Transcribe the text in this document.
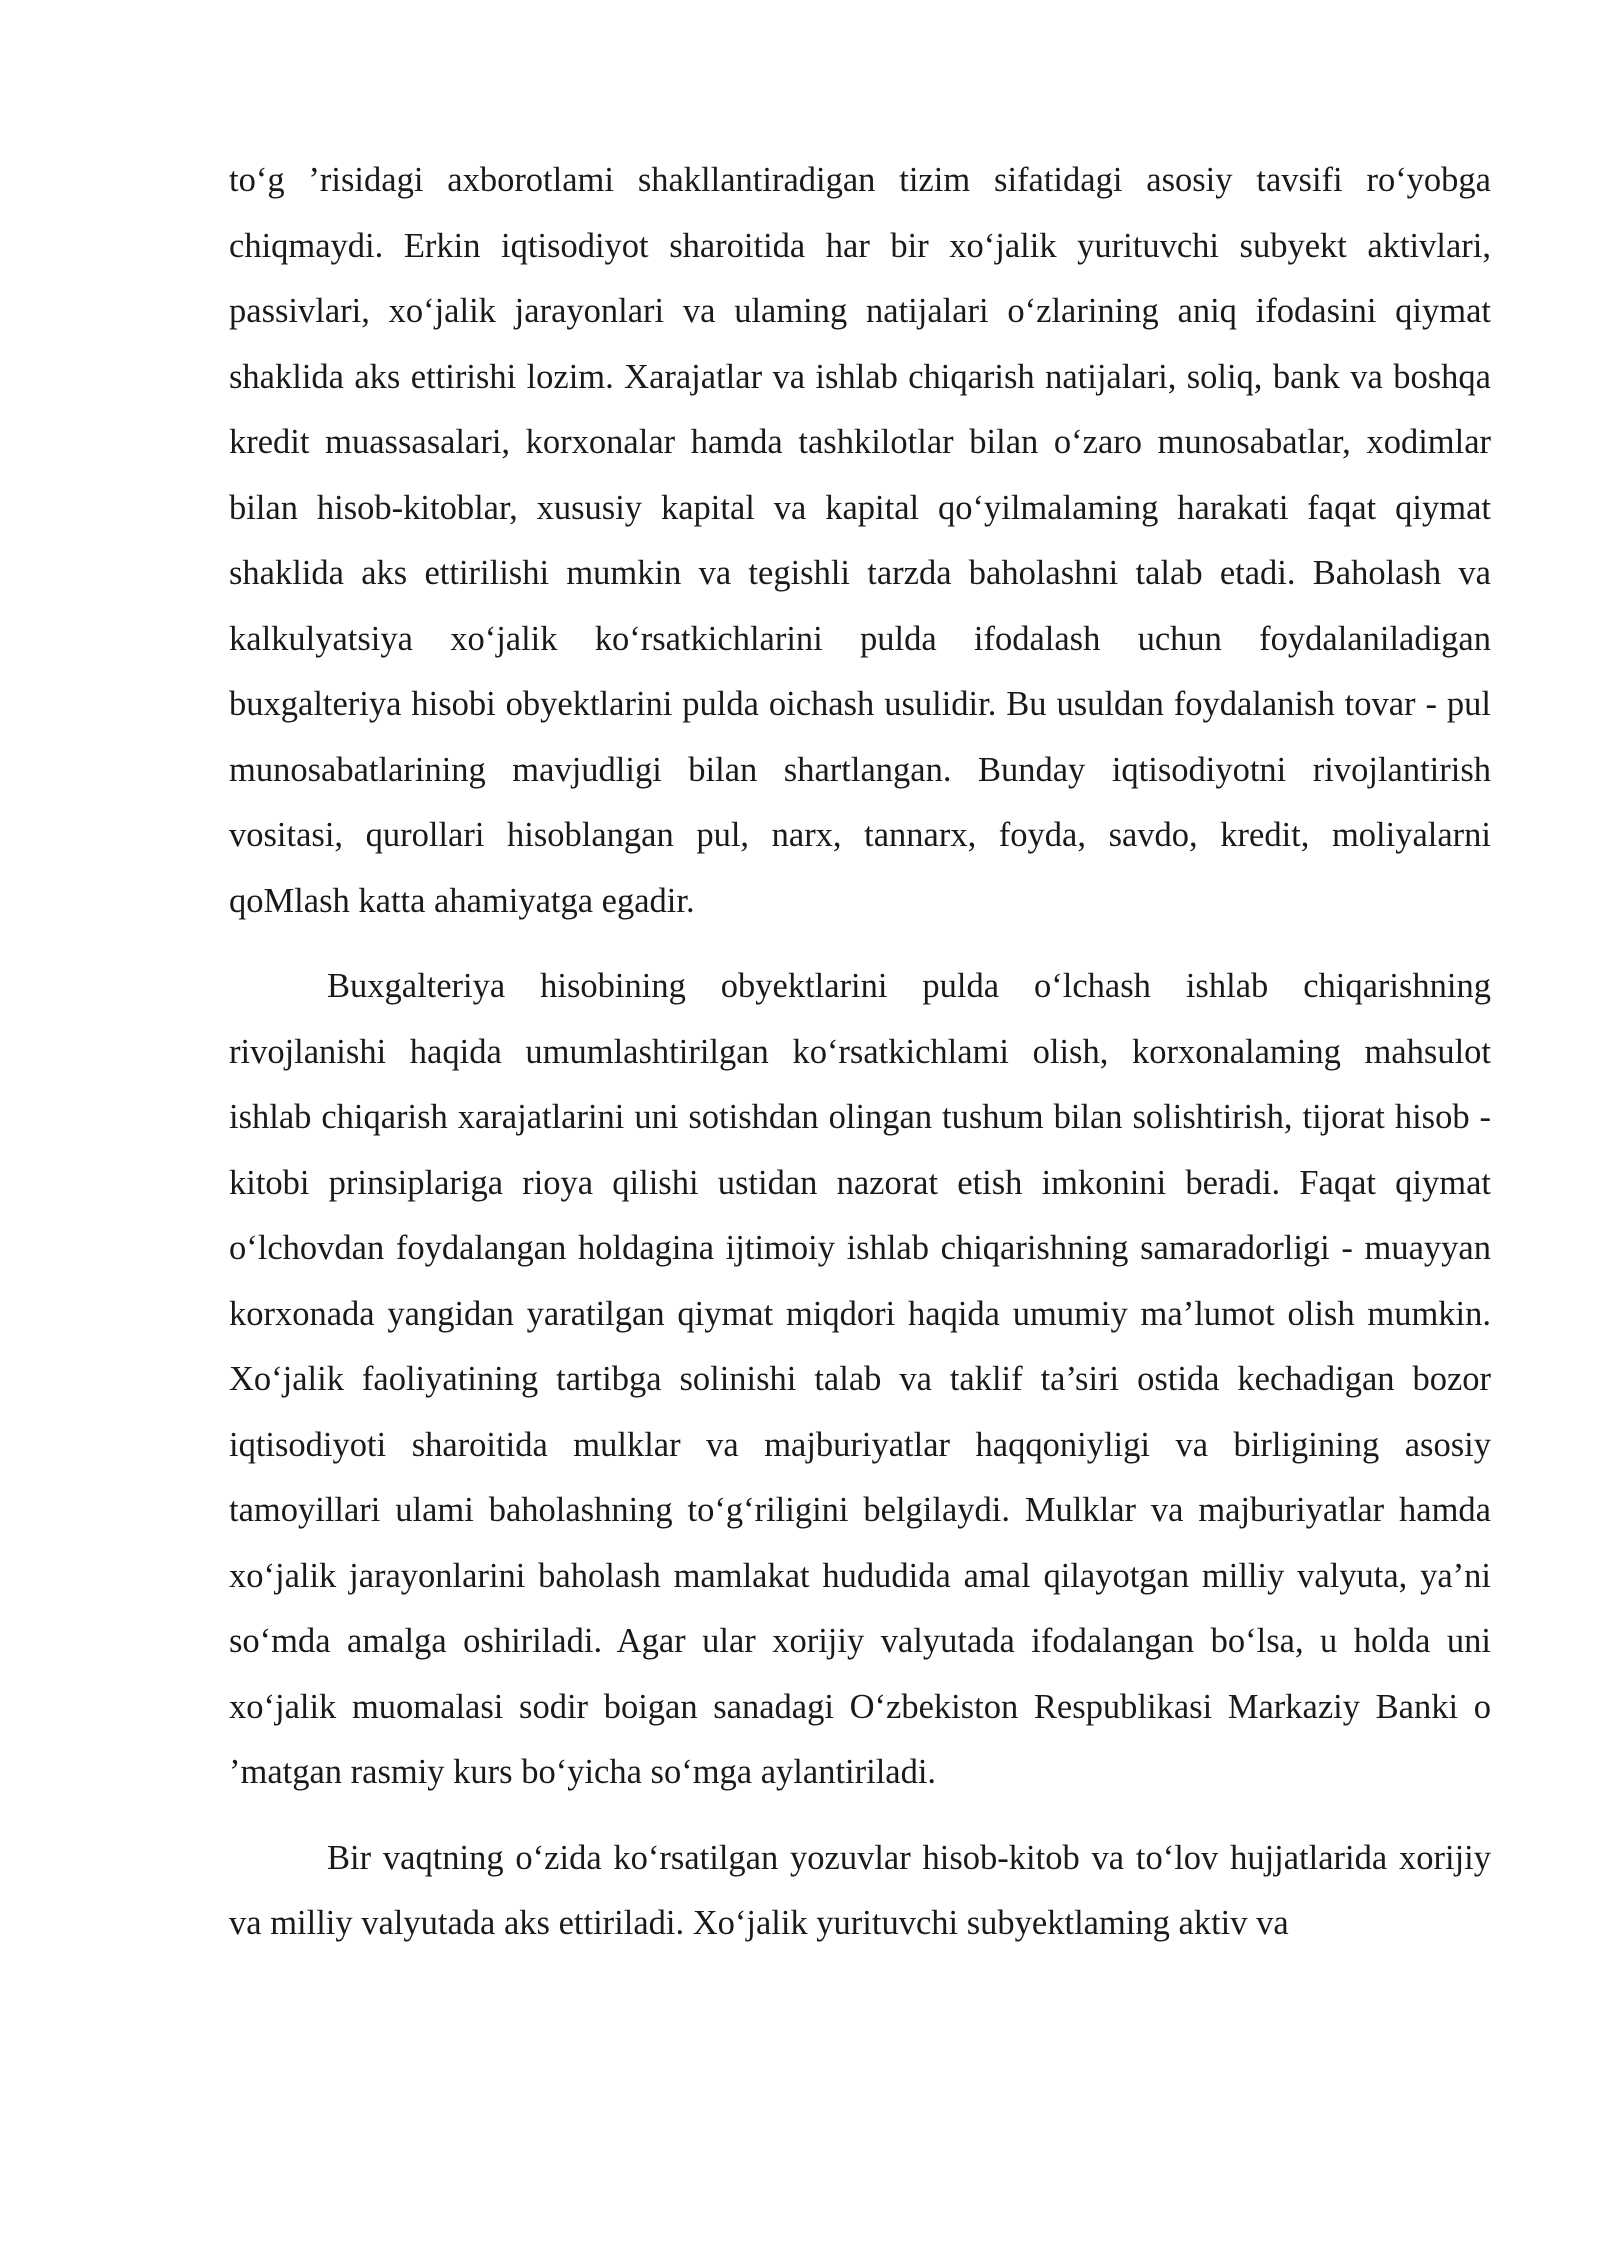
to‘g ’risidagi axborotlami shakllantiradigan tizim sifatidagi asosiy tavsifi ro‘yobga chiqmaydi. Erkin iqtisodiyot sharoitida har bir xo‘jalik yurituvchi subyekt aktivlari, passivlari, xo‘jalik jarayonlari va ulaming natijalari o‘zlarining aniq ifodasini qiymat shaklida aks ettirishi lozim. Xarajatlar va ishlab chiqarish natijalari, soliq, bank va boshqa kredit muassasalari, korxonalar hamda tashkilotlar bilan o‘zaro munosabatlar, xodimlar bilan hisob-kitoblar, xususiy kapital va kapital qo‘yilmalaming harakati faqat qiymat shaklida aks ettirilishi mumkin va tegishli tarzda baholashni talab etadi. Baholash va kalkulyatsiya xo‘jalik ko‘rsatkichlarini pulda ifodalash uchun foydalaniladigan buxgalteriya hisobi obyektlarini pulda oichash usulidir. Bu usuldan foydalanish tovar - pul munosabatlarining mavjudligi bilan shartlangan. Bunday iqtisodiyotni rivojlantirish vositasi, qurollari hisoblangan pul, narx, tannarx, foyda, savdo, kredit, moliyalarni qoMlash katta ahamiyatga egadir.

Buxgalteriya hisobining obyektlarini pulda o‘lchash ishlab chiqarishning rivojlanishi haqida umumlashtirilgan ko‘rsatkichlami olish, korxonalaming mahsulot ishlab chiqarish xarajatlarini uni sotishdan olingan tushum bilan solishtirish, tijorat hisob - kitobi prinsiplariga rioya qilishi ustidan nazorat etish imkonini beradi. Faqat qiymat o‘lchovdan foydalangan holdagina ijtimoiy ishlab chiqarishning samaradorligi - muayyan korxonada yangidan yaratilgan qiymat miqdori haqida umumiy ma’lumot olish mumkin. Xo‘jalik faoliyatining tartibga solinishi talab va taklif ta’siri ostida kechadigan bozor iqtisodiyoti sharoitida mulklar va majburiyatlar haqqoniyligi va birligining asosiy tamoyillari ulami baholashning to‘g‘riligini belgilaydi. Mulklar va majburiyatlar hamda xo‘jalik jarayonlarini baholash mamlakat hududida amal qilayotgan milliy valyuta, ya’ni so‘mda amalga oshiriladi. Agar ular xorijiy valyutada ifodalangan bo‘lsa, u holda uni xo‘jalik muomalasi sodir boigan sanadagi O‘zbekiston Respublikasi Markaziy Banki o ’matgan rasmiy kurs bo‘yicha so‘mga aylantiriladi.

Bir vaqtning o‘zida ko‘rsatilgan yozuvlar hisob-kitob va to‘lov hujjatlarida xorijiy va milliy valyutada aks ettiriladi. Xo‘jalik yurituvchi subyektlaming aktiv va
